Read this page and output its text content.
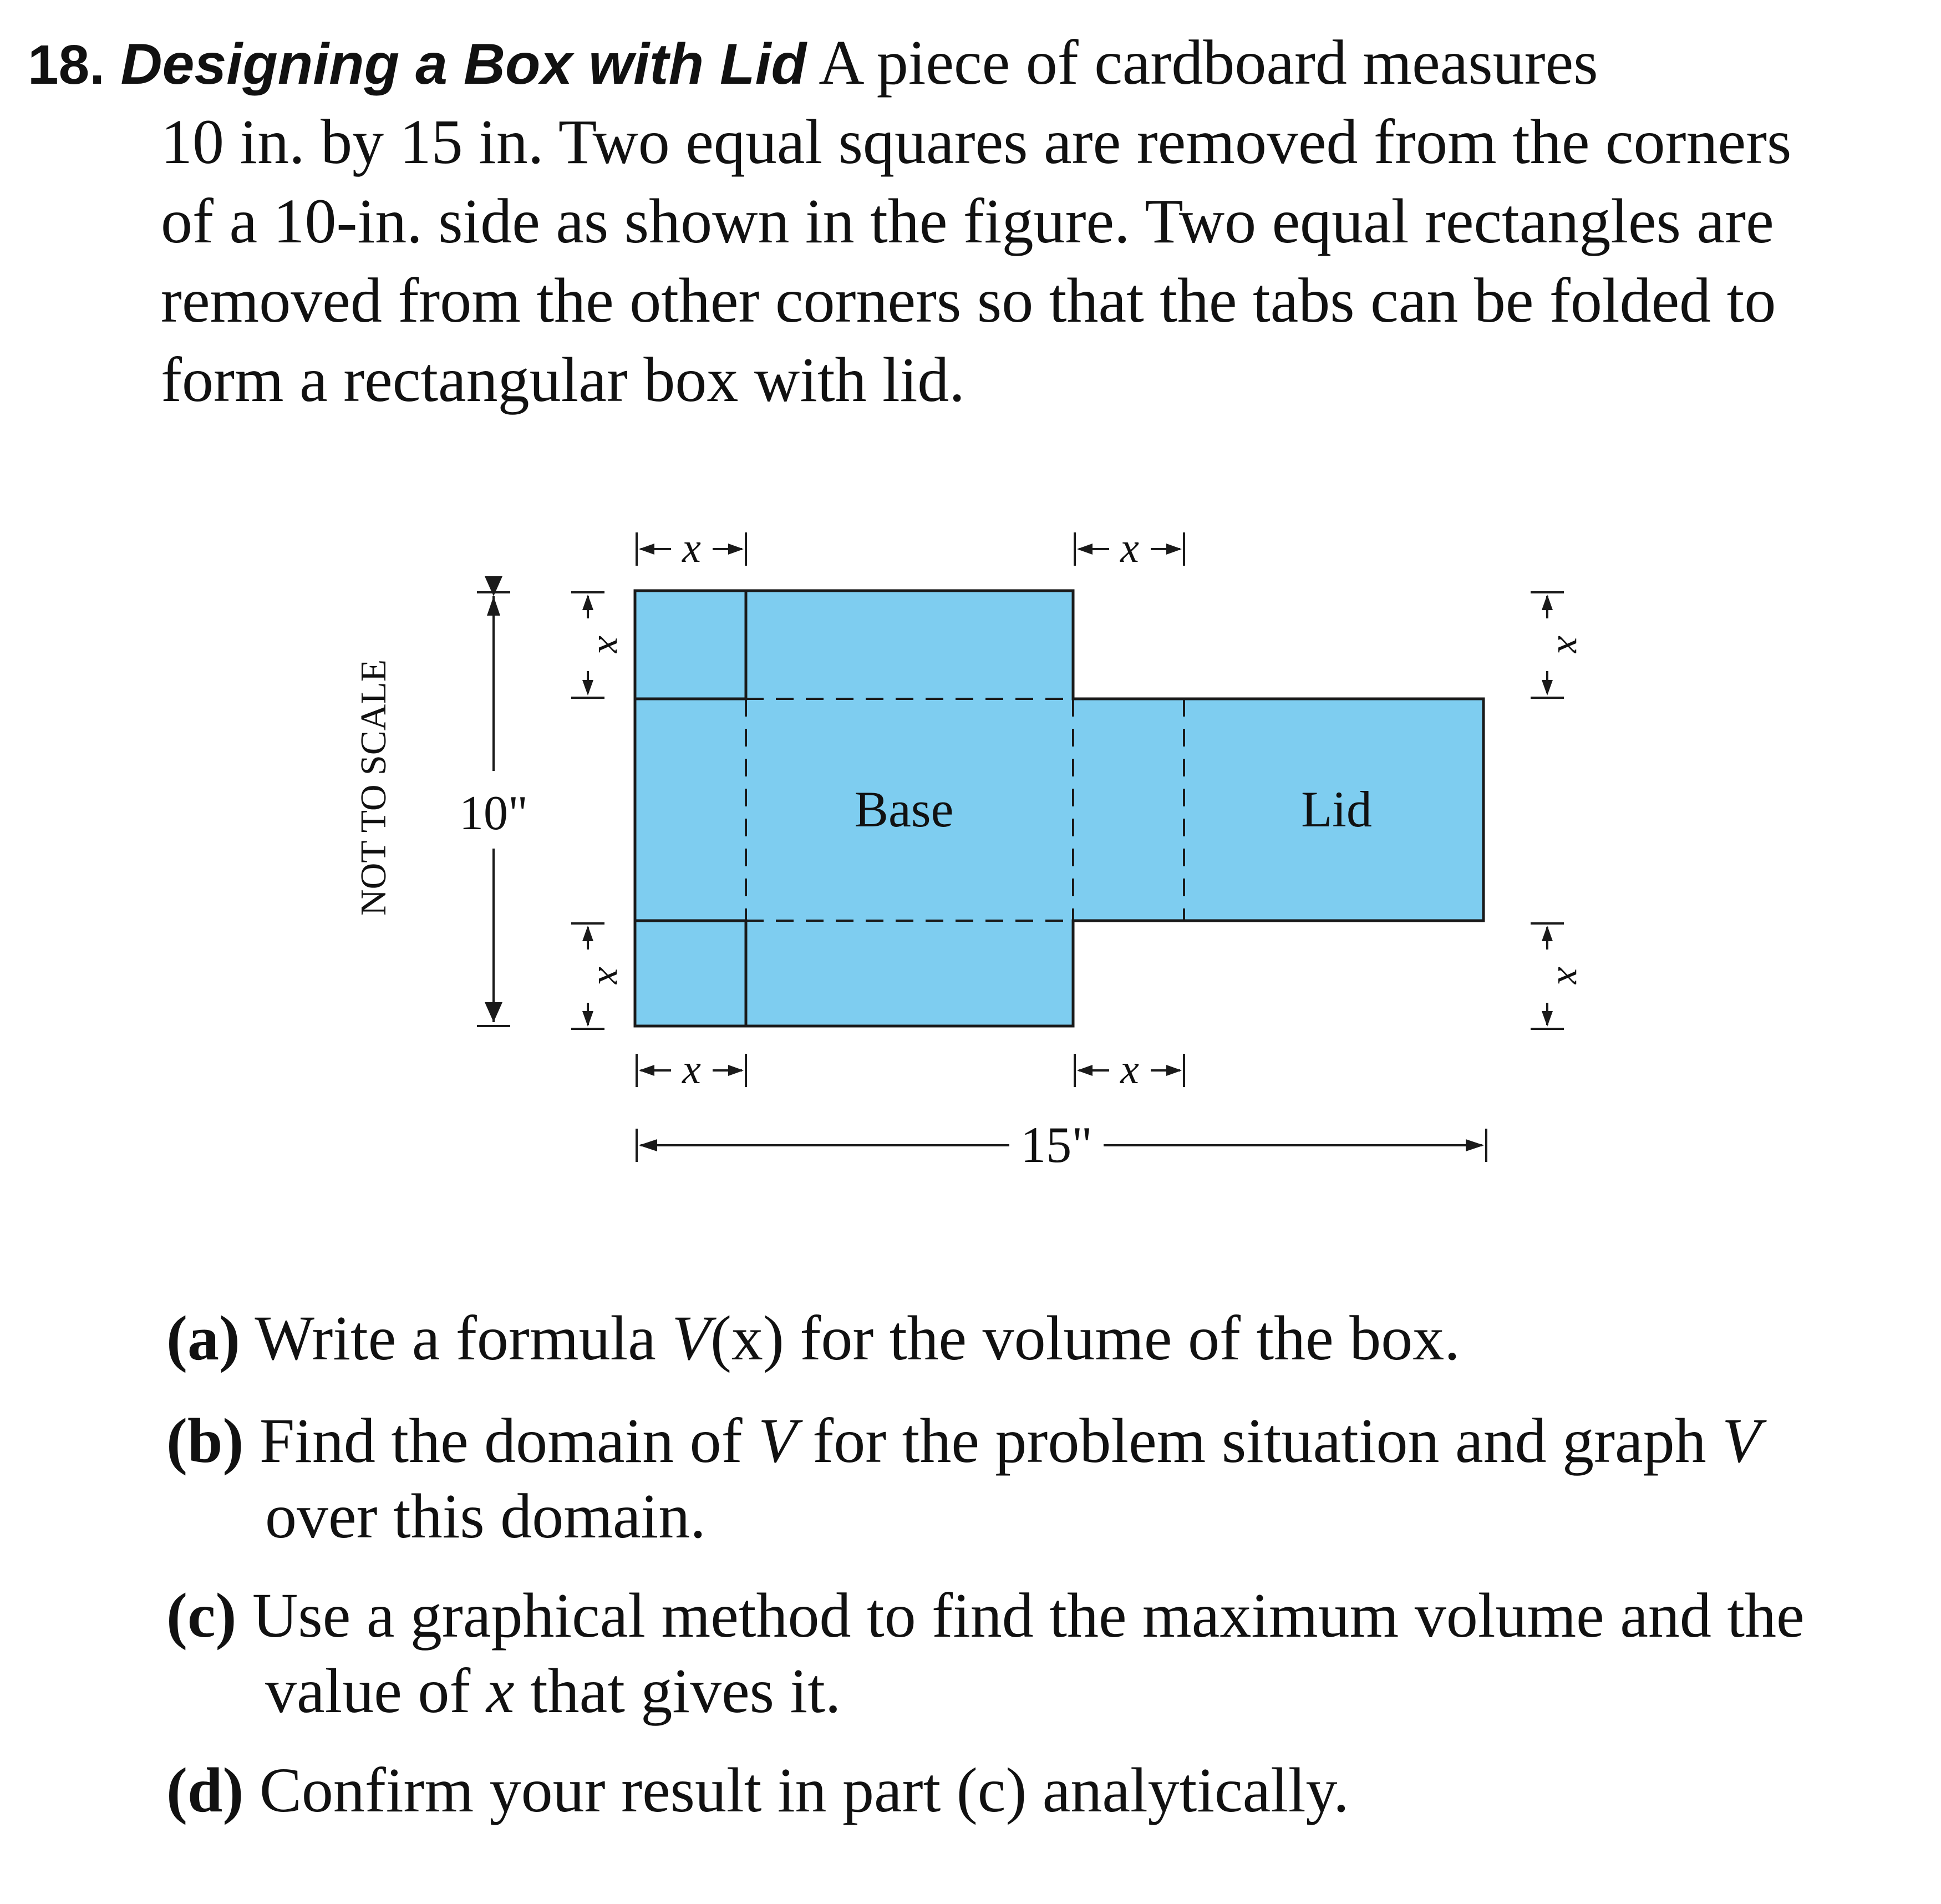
18. Designing a Box with Lid A piece of cardboard measures
10 in. by 15 in. Two equal squares are removed from the corners
of a 10-in. side as shown in the figure. Two equal rectangles are
removed from the other corners so that the tabs can be folded to
form a rectangular box with lid.
Base	Lid
NOT TO SCALE 10"
x
x
x
x
x	x
x	x
15"
(a) Write a formula V(x) for the volume of the box.
(b) Find the domain of V for the problem situation and graph V
over this domain.
(c) Use a graphical method to find the maximum volume and the
value of x that gives it.
(d) Confirm your result in part (c) analytically.
